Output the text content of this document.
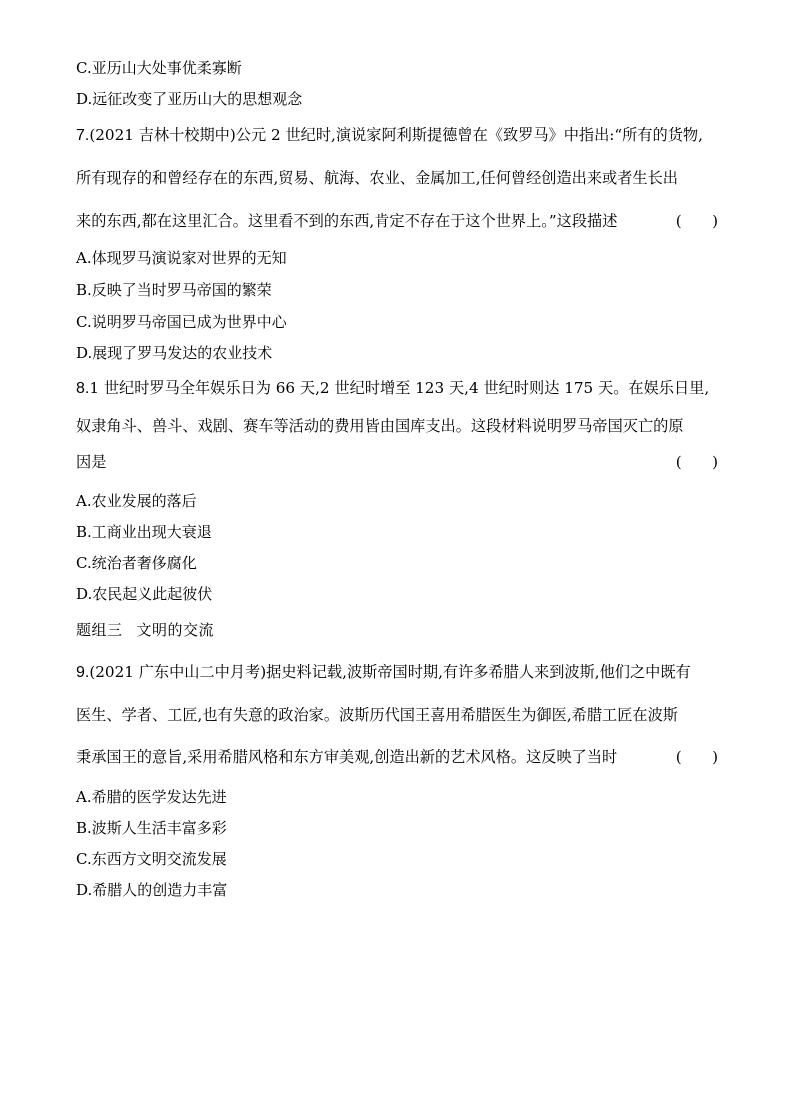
C.亚历山大处事优柔寡断
D.远征改变了亚历山大的思想观念
7.(2021 吉林十校期中)公元 2 世纪时,演说家阿利斯提德曾在《致罗马》中指出:“所有的货物,
所有现存的和曾经存在的东西,贸易、航海、农业、金属加工,任何曾经创造出来或者生长出
来的东西,都在这里汇合。这里看不到的东西,肯定不存在于这个世界上。”这段描述	(　　)
A.体现罗马演说家对世界的无知
B.反映了当时罗马帝国的繁荣
C.说明罗马帝国已成为世界中心
D.展现了罗马发达的农业技术
8.1 世纪时罗马全年娱乐日为 66 天,2 世纪时增至 123 天,4 世纪时则达 175 天。在娱乐日里,
奴隶角斗、兽斗、戏剧、赛车等活动的费用皆由国库支出。这段材料说明罗马帝国灭亡的原
因是	(　　)
A.农业发展的落后
B.工商业出现大衰退
C.统治者奢侈腐化
D.农民起义此起彼伏
题组三 文明的交流
9.(2021 广东中山二中月考)据史料记载,波斯帝国时期,有许多希腊人来到波斯,他们之中既有
医生、学者、工匠,也有失意的政治家。波斯历代国王喜用希腊医生为御医,希腊工匠在波斯
秉承国王的意旨,采用希腊风格和东方审美观,创造出新的艺术风格。这反映了当时	(　　)
A.希腊的医学发达先进
B.波斯人生活丰富多彩
C.东西方文明交流发展
D.希腊人的创造力丰富
